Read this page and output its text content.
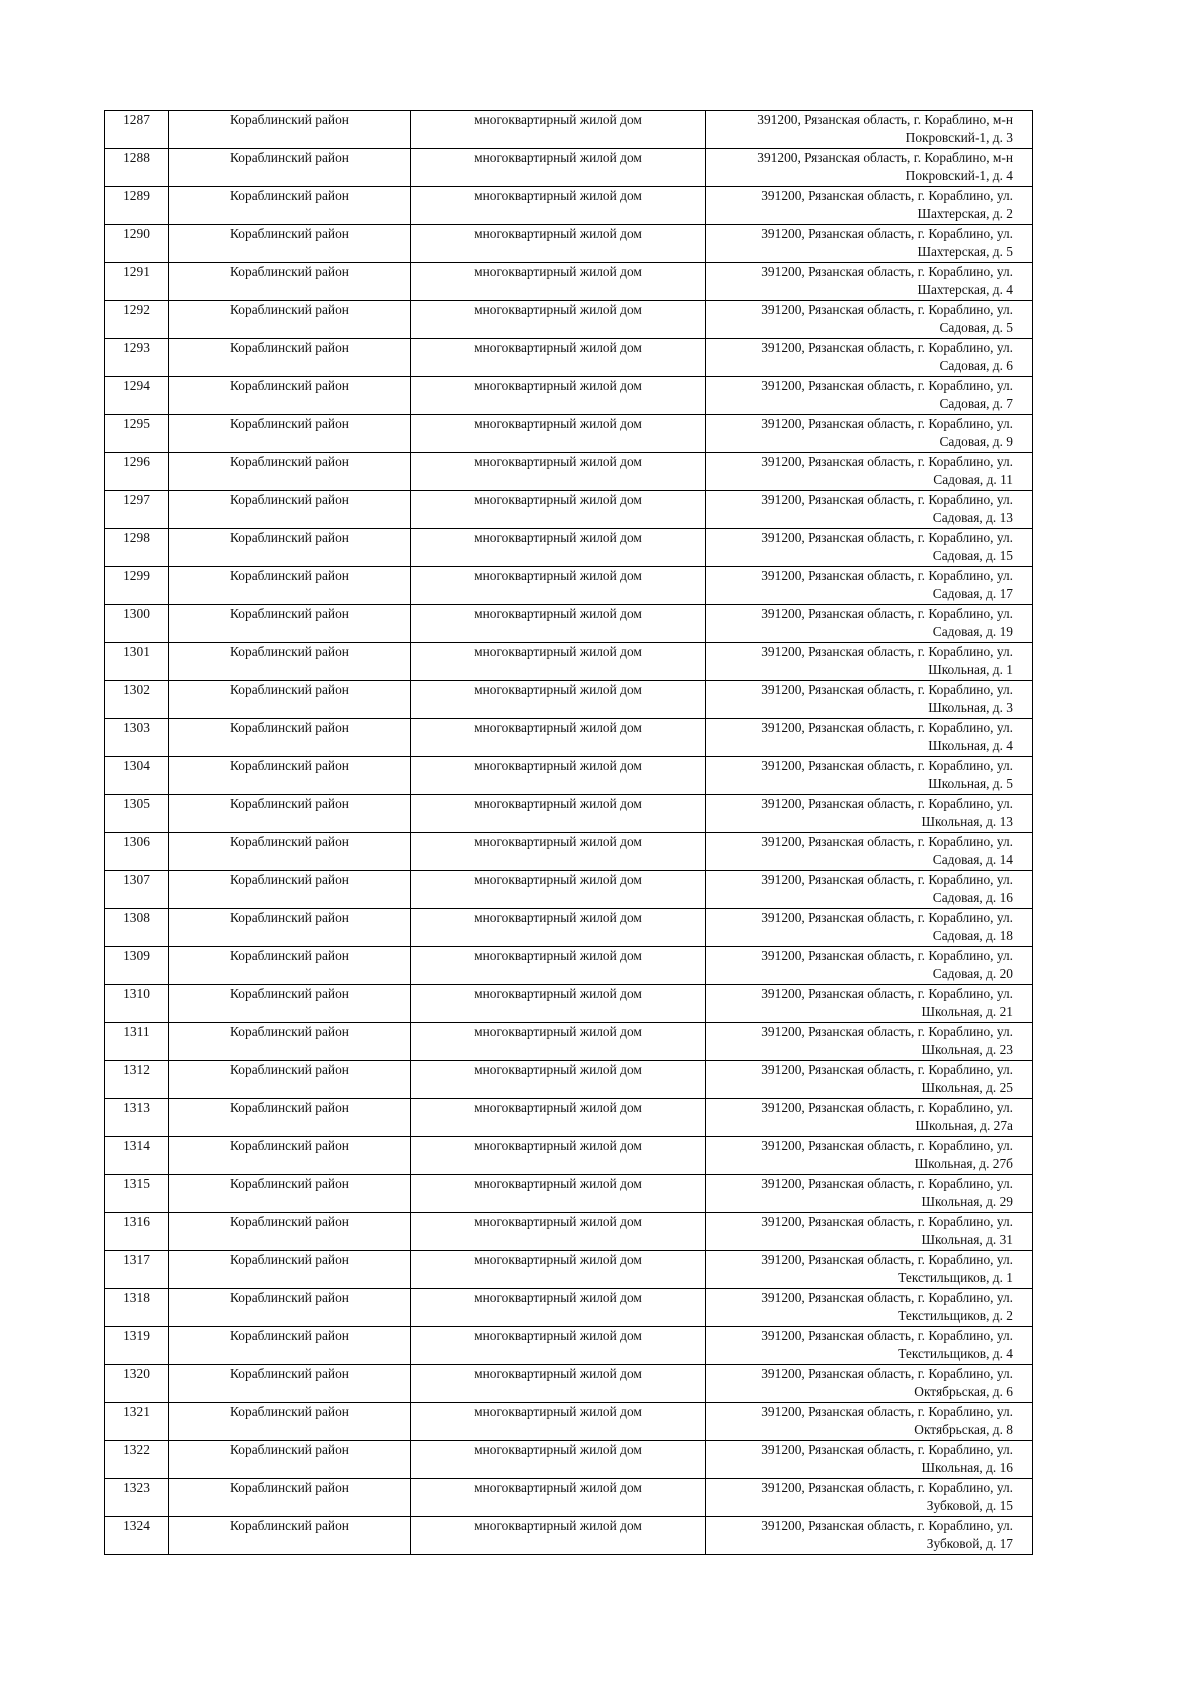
1287	Кораблинский район	многоквартирный жилой дом	391200, Рязанская область, г. Кораблино, м-н Покровский-1, д. 3

1288	Кораблинский район	многоквартирный жилой дом	391200, Рязанская область, г. Кораблино, м-н Покровский-1, д. 4

1289	Кораблинский район	многоквартирный жилой дом	391200, Рязанская область, г. Кораблино, ул. Шахтерская, д. 2

1290	Кораблинский район	многоквартирный жилой дом	391200, Рязанская область, г. Кораблино, ул. Шахтерская, д. 5

1291	Кораблинский район	многоквартирный жилой дом	391200, Рязанская область, г. Кораблино, ул. Шахтерская, д. 4

1292	Кораблинский район	многоквартирный жилой дом	391200, Рязанская область, г. Кораблино, ул. Садовая, д. 5

1293	Кораблинский район	многоквартирный жилой дом	391200, Рязанская область, г. Кораблино, ул. Садовая, д. 6

1294	Кораблинский район	многоквартирный жилой дом	391200, Рязанская область, г. Кораблино, ул. Садовая, д. 7

1295	Кораблинский район	многоквартирный жилой дом	391200, Рязанская область, г. Кораблино, ул. Садовая, д. 9

1296	Кораблинский район	многоквартирный жилой дом	391200, Рязанская область, г. Кораблино, ул. Садовая, д. 11

1297	Кораблинский район	многоквартирный жилой дом	391200, Рязанская область, г. Кораблино, ул. Садовая, д. 13

1298	Кораблинский район	многоквартирный жилой дом	391200, Рязанская область, г. Кораблино, ул. Садовая, д. 15

1299	Кораблинский район	многоквартирный жилой дом	391200, Рязанская область, г. Кораблино, ул. Садовая, д. 17

1300	Кораблинский район	многоквартирный жилой дом	391200, Рязанская область, г. Кораблино, ул. Садовая, д. 19

1301	Кораблинский район	многоквартирный жилой дом	391200, Рязанская область, г. Кораблино, ул. Школьная, д. 1

1302	Кораблинский район	многоквартирный жилой дом	391200, Рязанская область, г. Кораблино, ул. Школьная, д. 3

1303	Кораблинский район	многоквартирный жилой дом	391200, Рязанская область, г. Кораблино, ул. Школьная, д. 4

1304	Кораблинский район	многоквартирный жилой дом	391200, Рязанская область, г. Кораблино, ул. Школьная, д. 5

1305	Кораблинский район	многоквартирный жилой дом	391200, Рязанская область, г. Кораблино, ул. Школьная, д. 13

1306	Кораблинский район	многоквартирный жилой дом	391200, Рязанская область, г. Кораблино, ул. Садовая, д. 14

1307	Кораблинский район	многоквартирный жилой дом	391200, Рязанская область, г. Кораблино, ул. Садовая, д. 16

1308	Кораблинский район	многоквартирный жилой дом	391200, Рязанская область, г. Кораблино, ул. Садовая, д. 18

1309	Кораблинский район	многоквартирный жилой дом	391200, Рязанская область, г. Кораблино, ул. Садовая, д. 20

1310	Кораблинский район	многоквартирный жилой дом	391200, Рязанская область, г. Кораблино, ул. Школьная, д. 21

1311	Кораблинский район	многоквартирный жилой дом	391200, Рязанская область, г. Кораблино, ул. Школьная, д. 23

1312	Кораблинский район	многоквартирный жилой дом	391200, Рязанская область, г. Кораблино, ул. Школьная, д. 25

1313	Кораблинский район	многоквартирный жилой дом	391200, Рязанская область, г. Кораблино, ул. Школьная, д. 27а

1314	Кораблинский район	многоквартирный жилой дом	391200, Рязанская область, г. Кораблино, ул. Школьная, д. 27б

1315	Кораблинский район	многоквартирный жилой дом	391200, Рязанская область, г. Кораблино, ул. Школьная, д. 29

1316	Кораблинский район	многоквартирный жилой дом	391200, Рязанская область, г. Кораблино, ул. Школьная, д. 31

1317	Кораблинский район	многоквартирный жилой дом	391200, Рязанская область, г. Кораблино, ул. Текстильщиков, д. 1

1318	Кораблинский район	многоквартирный жилой дом	391200, Рязанская область, г. Кораблино, ул. Текстильщиков, д. 2

1319	Кораблинский район	многоквартирный жилой дом	391200, Рязанская область, г. Кораблино, ул. Текстильщиков, д. 4

1320	Кораблинский район	многоквартирный жилой дом	391200, Рязанская область, г. Кораблино, ул. Октябрьская, д. 6

1321	Кораблинский район	многоквартирный жилой дом	391200, Рязанская область, г. Кораблино, ул. Октябрьская, д. 8

1322	Кораблинский район	многоквартирный жилой дом	391200, Рязанская область, г. Кораблино, ул. Школьная, д. 16

1323	Кораблинский район	многоквартирный жилой дом	391200, Рязанская область, г. Кораблино, ул. Зубковой, д. 15

1324	Кораблинский район	многоквартирный жилой дом	391200, Рязанская область, г. Кораблино, ул. Зубковой, д. 17
